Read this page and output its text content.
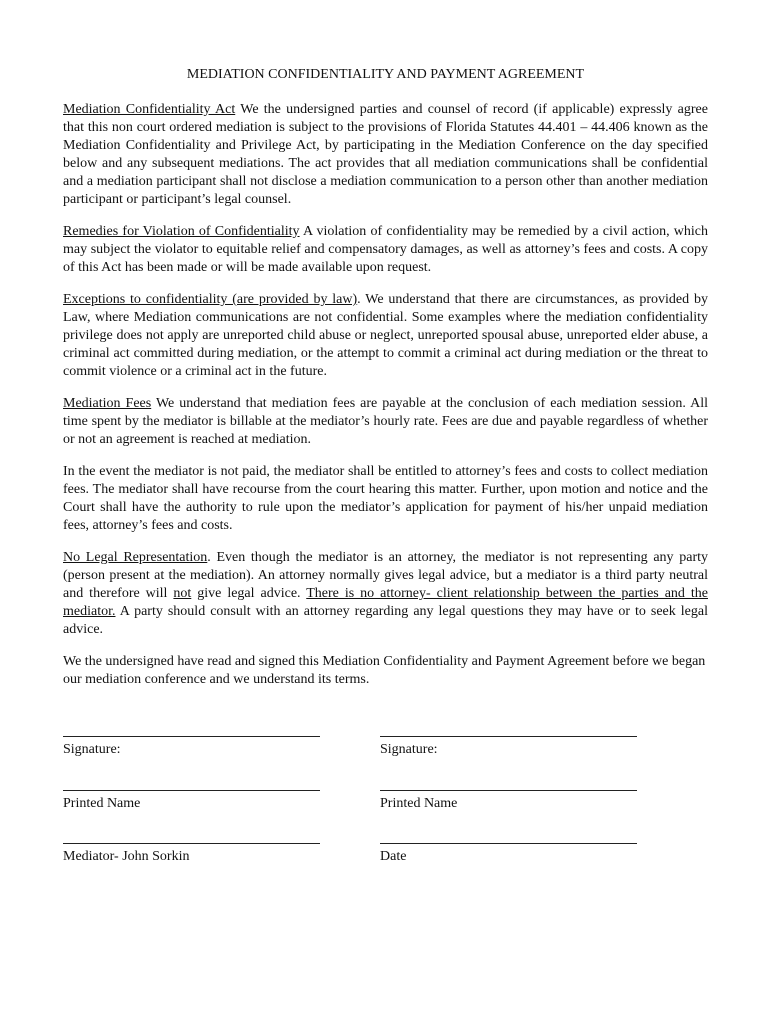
MEDIATION CONFIDENTIALITY AND PAYMENT AGREEMENT

Mediation Confidentiality Act We the undersigned parties and counsel of record (if applicable) expressly agree that this non court ordered mediation is subject to the provisions of Florida Statutes 44.401 – 44.406 known as the Mediation Confidentiality and Privilege Act, by participating in the Mediation Conference on the day specified below and any subsequent mediations. The act provides that all mediation communications shall be confidential and a mediation participant shall not disclose a mediation communication to a person other than another mediation participant or participant’s legal counsel.

Remedies for Violation of Confidentiality A violation of confidentiality may be remedied by a civil action, which may subject the violator to equitable relief and compensatory damages, as well as attorney’s fees and costs. A copy of this Act has been made or will be made available upon request.

Exceptions to confidentiality (are provided by law). We understand that there are circumstances, as provided by Law, where Mediation communications are not confidential. Some examples where the mediation confidentiality privilege does not apply are unreported child abuse or neglect, unreported spousal abuse, unreported elder abuse, a criminal act committed during mediation, or the attempt to commit a criminal act during mediation or the threat to commit violence or a criminal act in the future.

Mediation Fees We understand that mediation fees are payable at the conclusion of each mediation session. All time spent by the mediator is billable at the mediator’s hourly rate. Fees are due and payable regardless of whether or not an agreement is reached at mediation.

In the event the mediator is not paid, the mediator shall be entitled to attorney’s fees and costs to collect mediation fees. The mediator shall have recourse from the court hearing this matter. Further, upon motion and notice and the Court shall have the authority to rule upon the mediator’s application for payment of his/her unpaid mediation fees, attorney’s fees and costs.

No Legal Representation. Even though the mediator is an attorney, the mediator is not representing any party (person present at the mediation). An attorney normally gives legal advice, but a mediator is a third party neutral and therefore will not give legal advice. There is no attorney- client relationship between the parties and the mediator. A party should consult with an attorney regarding any legal questions they may have or to seek legal advice.

We the undersigned have read and signed this Mediation Confidentiality and Payment Agreement before we began our mediation conference and we understand its terms.

Signature:
Printed Name
Mediator- John Sorkin
Signature:
Printed Name
Date
